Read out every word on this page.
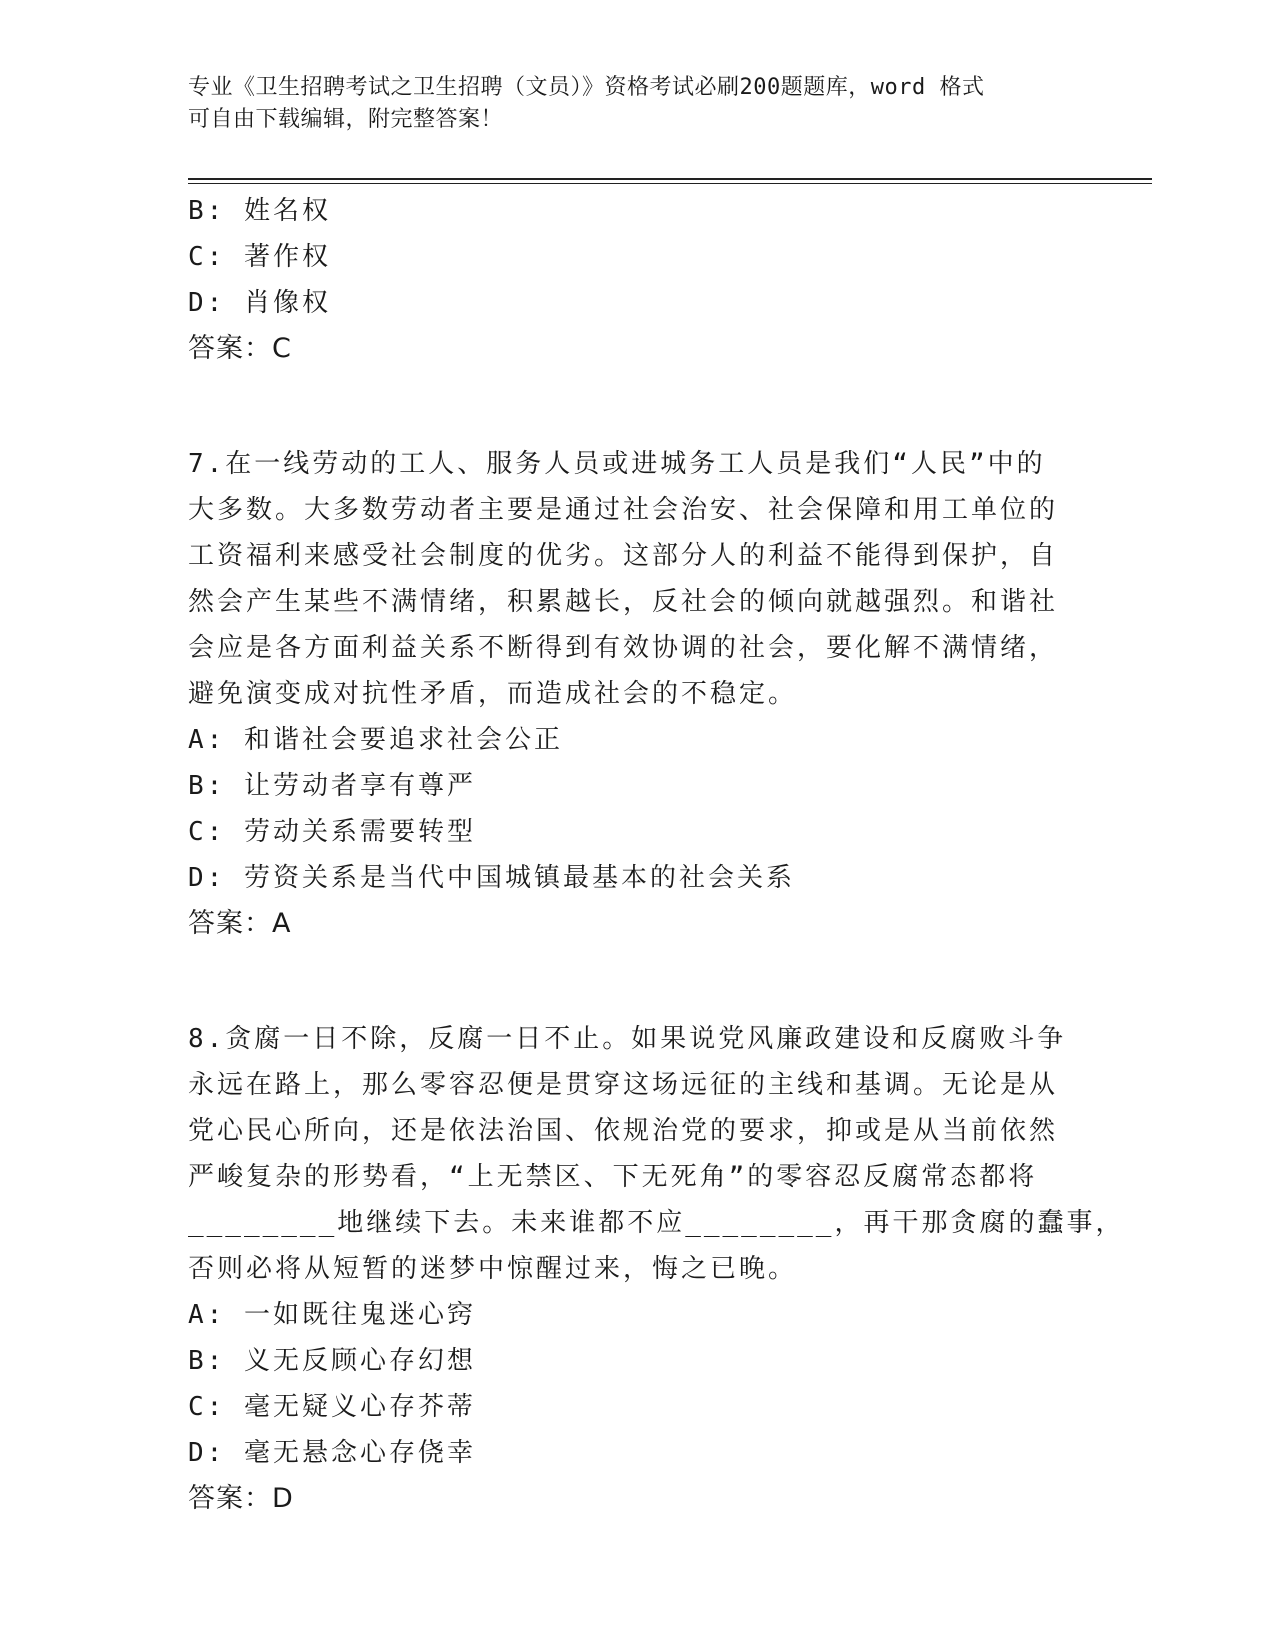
专业《卫生招聘考试之卫生招聘（文员）》资格考试必刷200题题库，word 格式
可自由下载编辑，附完整答案！
B: 姓名权
C: 著作权
D: 肖像权
答案：C
7.在一线劳动的工人、服务人员或进城务工人员是我们“人民”中的
大多数。大多数劳动者主要是通过社会治安、社会保障和用工单位的
工资福利来感受社会制度的优劣。这部分人的利益不能得到保护，自
然会产生某些不满情绪，积累越长，反社会的倾向就越强烈。和谐社
会应是各方面利益关系不断得到有效协调的社会，要化解不满情绪，
避免演变成对抗性矛盾，而造成社会的不稳定。
A: 和谐社会要追求社会公正
B: 让劳动者享有尊严
C: 劳动关系需要转型
D: 劳资关系是当代中国城镇最基本的社会关系
答案：A
8.贪腐一日不除，反腐一日不止。如果说党风廉政建设和反腐败斗争
永远在路上，那么零容忍便是贯穿这场远征的主线和基调。无论是从
党心民心所向，还是依法治国、依规治党的要求，抑或是从当前依然
严峻复杂的形势看，“上无禁区、下无死角”的零容忍反腐常态都将
________地继续下去。未来谁都不应________，再干那贪腐的蠢事，
否则必将从短暂的迷梦中惊醒过来，悔之已晚。
A: 一如既往鬼迷心窍
B: 义无反顾心存幻想
C: 毫无疑义心存芥蒂
D: 毫无悬念心存侥幸
答案：D
